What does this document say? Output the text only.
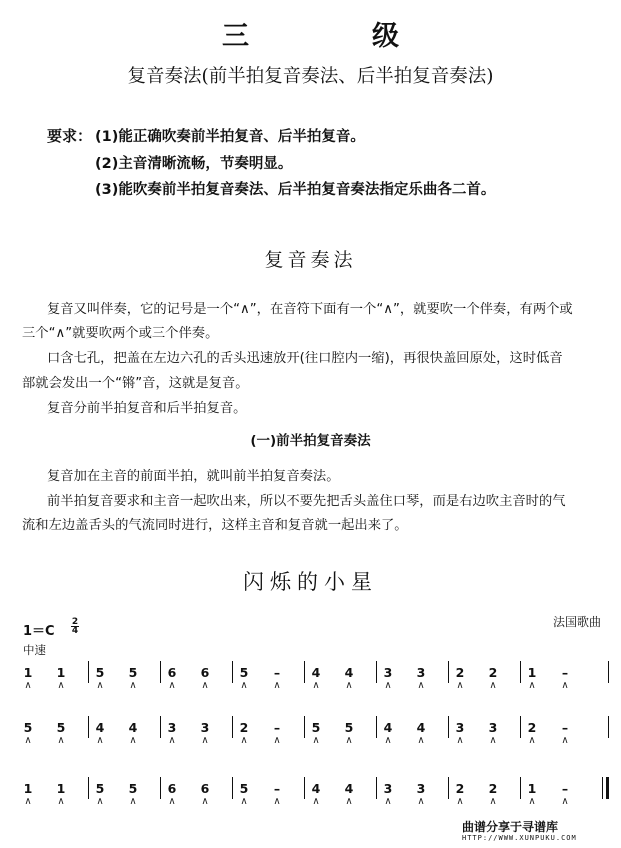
三　级
复音奏法(前半拍复音奏法、后半拍复音奏法)
要求： (1)能正确吹奏前半拍复音、后半拍复音。
(2)主音清晰流畅，节奏明显。
(3)能吹奏前半拍复音奏法、后半拍复音奏法指定乐曲各二首。
复音奏法
复音又叫伴奏，它的记号是一个“∧”，在音符下面有一个“∧”，就要吹一个伴奏，有两个或
三个“∧”就要吹两个或三个伴奏。
口含七孔，把盖在左边六孔的舌头迅速放开(往口腔内一缩)，再很快盖回原处，这时低音
部就会发出一个“锵”音，这就是复音。
复音分前半拍复音和后半拍复音。
(一)前半拍复音奏法
复音加在主音的前面半拍，就叫前半拍复音奏法。
前半拍复音要求和主音一起吹出来，所以不要先把舌头盖住口琴，而是右边吹主音时的气
流和左边盖舌头的气流同时进行，这样主音和复音就一起出来了。
闪烁的小星
1＝C
2
4
中速
法国歌曲
1
∧
1
∧
5
∧
5
∧
6
∧
6
∧
5
∧
–
∧
4
∧
4
∧
3
∧
3
∧
2
∧
2
∧
1
∧
–
∧
5
∧
5
∧
4
∧
4
∧
3
∧
3
∧
2
∧
–
∧
5
∧
5
∧
4
∧
4
∧
3
∧
3
∧
2
∧
–
∧
1
∧
1
∧
5
∧
5
∧
6
∧
6
∧
5
∧
–
∧
4
∧
4
∧
3
∧
3
∧
2
∧
2
∧
1
∧
–
∧
曲谱分享于寻谱库
HTTP://WWW.XUNPUKU.COM
